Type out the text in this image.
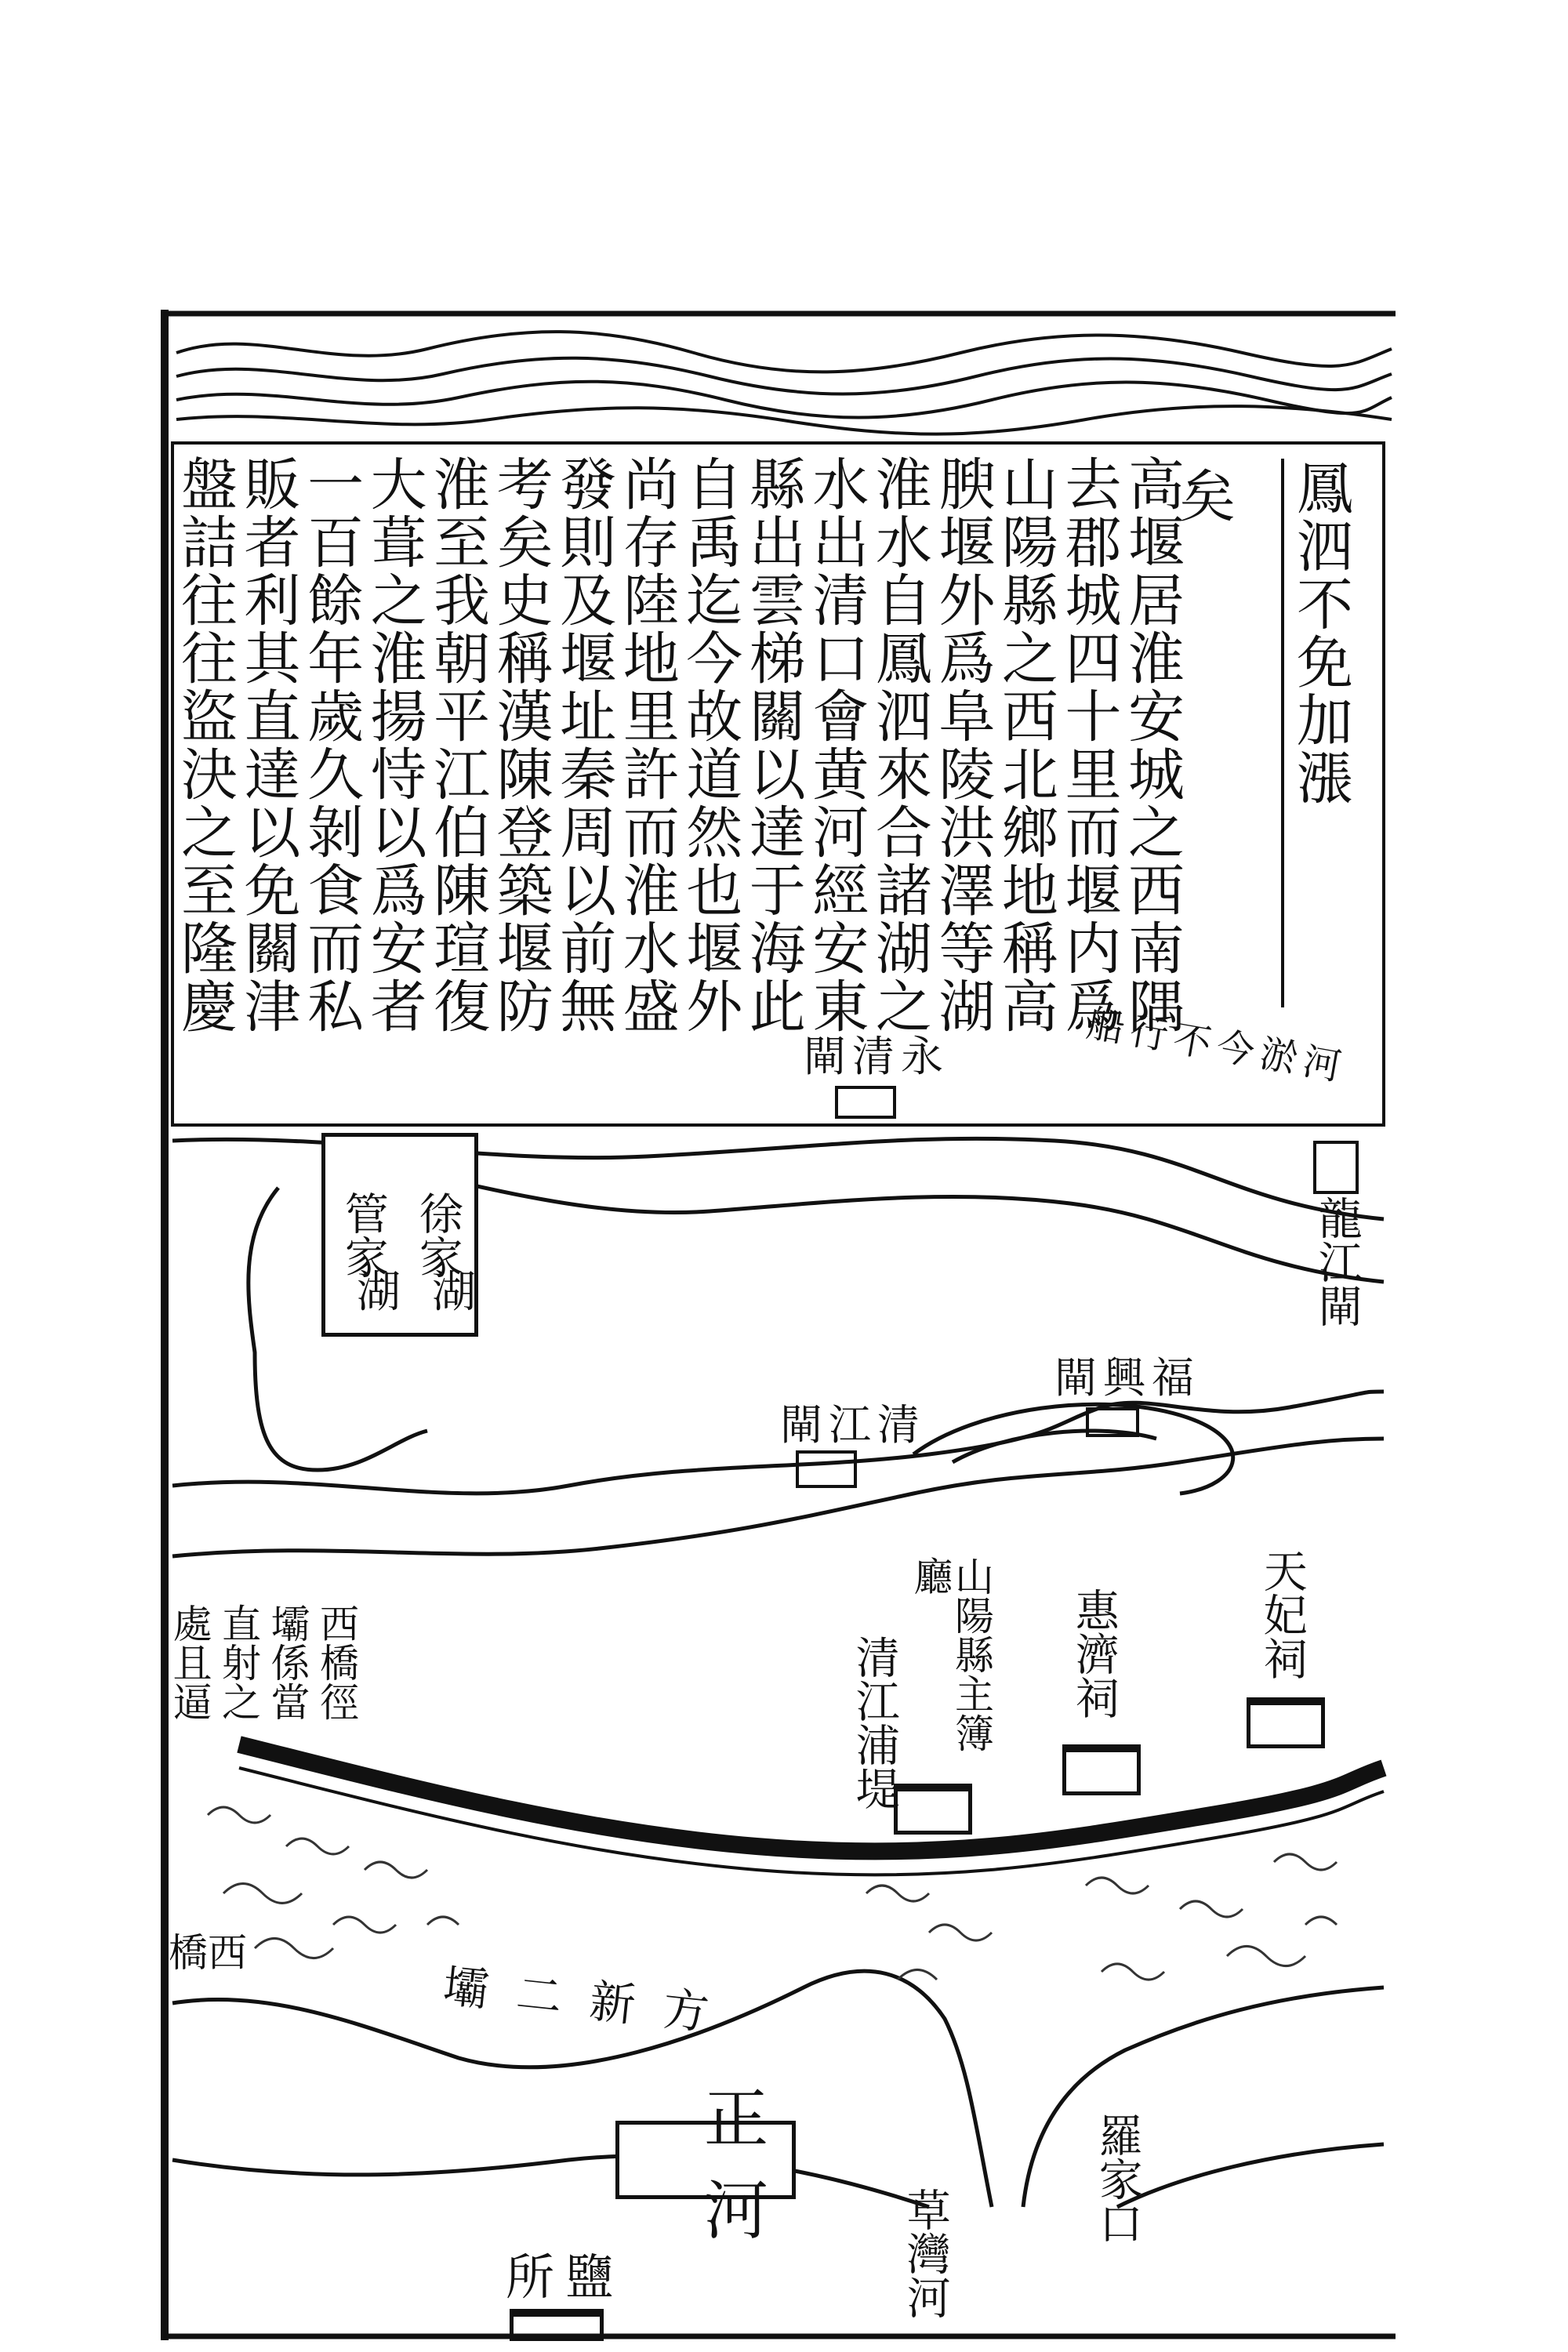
鳳泗不免加漲
矣
高堰居淮安城之西南隅
去郡城四十里而堰内爲
山陽縣之西北鄉地稱高
腴堰外爲阜陵洪澤等湖
淮水自鳳泗來合諸湖之
水出清口會黄河經安東
縣出雲梯關以達于海此
自禹迄今故道然也堰外
尚存陸地里許而淮水盛
發則及堰址秦周以前無
考矣史稱漢陳登築堰防
淮至我朝平江伯陳瑄復
大葺之淮揚恃以爲安者
一百餘年歲久剝食而私
販者利其直達以免關津
盤詰往往盜決之至隆慶
徐家
管家
湖湖
永清閘	河淤今不行船
龍江閘
福興閘
清江閘
天妃祠
惠濟祠
山陽縣主簿廳
清江浦堤
西橋徑
壩係當
直射之
處且逼
西橋
方新二壩
正河
鹽所
羅家口
草灣河
